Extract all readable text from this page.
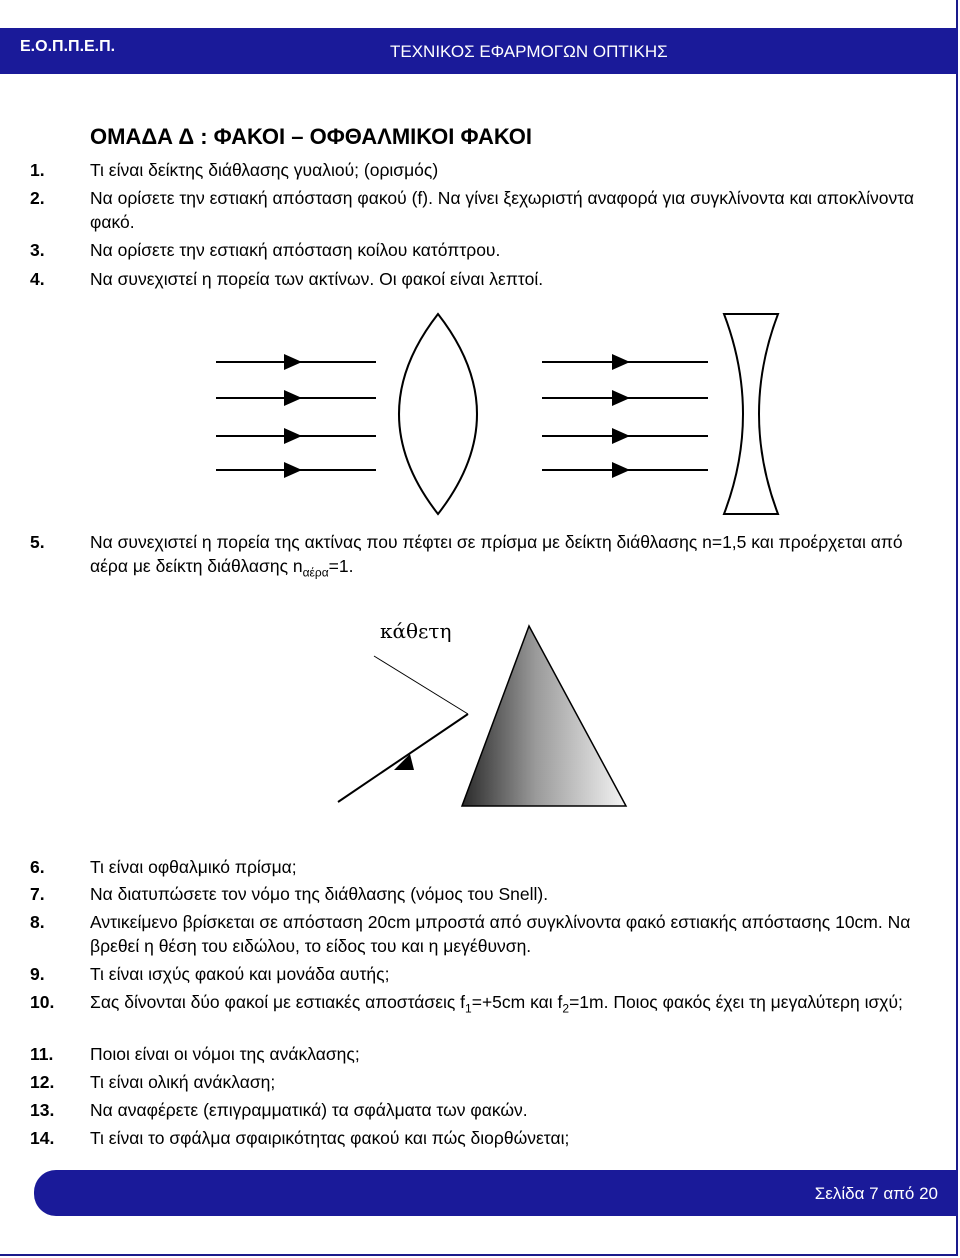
Ε.Ο.Π.Π.Ε.Π.	ΤΕΧΝΙΚΟΣ ΕΦΑΡΜΟΓΩΝ ΟΠΤΙΚΗΣ
ΟΜΑΔΑ Δ : ΦΑΚΟΙ – ΟΦΘΑΛΜΙΚΟΙ ΦΑΚΟΙ
1.	Τι είναι δείκτης διάθλασης γυαλιού; (ορισμός)
2.	Να ορίσετε την εστιακή απόσταση φακού (f). Να γίνει ξεχωριστή αναφορά για συγκλίνοντα και αποκλίνοντα φακό.
3.	Να ορίσετε την εστιακή απόσταση κοίλου κατόπτρου.
4.	Να συνεχιστεί η πορεία των ακτίνων. Οι φακοί είναι λεπτοί.
5.	Να συνεχιστεί η πορεία της ακτίνας που πέφτει σε πρίσμα με δείκτη διάθλασης n=1,5 και προέρχεται από αέρα με δείκτη διάθλασης $n_{\alpha έ\rho\alpha}=1$.
κάθετη
6.	Τι είναι οφθαλμικό πρίσμα;
7.	Να διατυπώσετε τον νόμο της διάθλασης (νόμος του Snell).
8.	Αντικείμενο βρίσκεται σε απόσταση 20cm μπροστά από συγκλίνοντα φακό εστιακής απόστασης 10cm. Να βρεθεί η θέση του ειδώλου, το είδος του και η μεγέθυνση.
9.	Τι είναι ισχύς φακού και μονάδα αυτής;
10.	Σας δίνονται δύο φακοί με εστιακές αποστάσεις $f_1=+5cm$ και $f_2=1m$. Ποιος φακός έχει τη μεγαλύτερη ισχύ;
11.	Ποιοι είναι οι νόμοι της ανάκλασης;
12.	Τι είναι ολική ανάκλαση;
13.	Να αναφέρετε (επιγραμματικά) τα σφάλματα των φακών.
14.	Τι είναι το σφάλμα σφαιρικότητας φακού και πώς διορθώνεται;
Σελίδα 7 από 20
